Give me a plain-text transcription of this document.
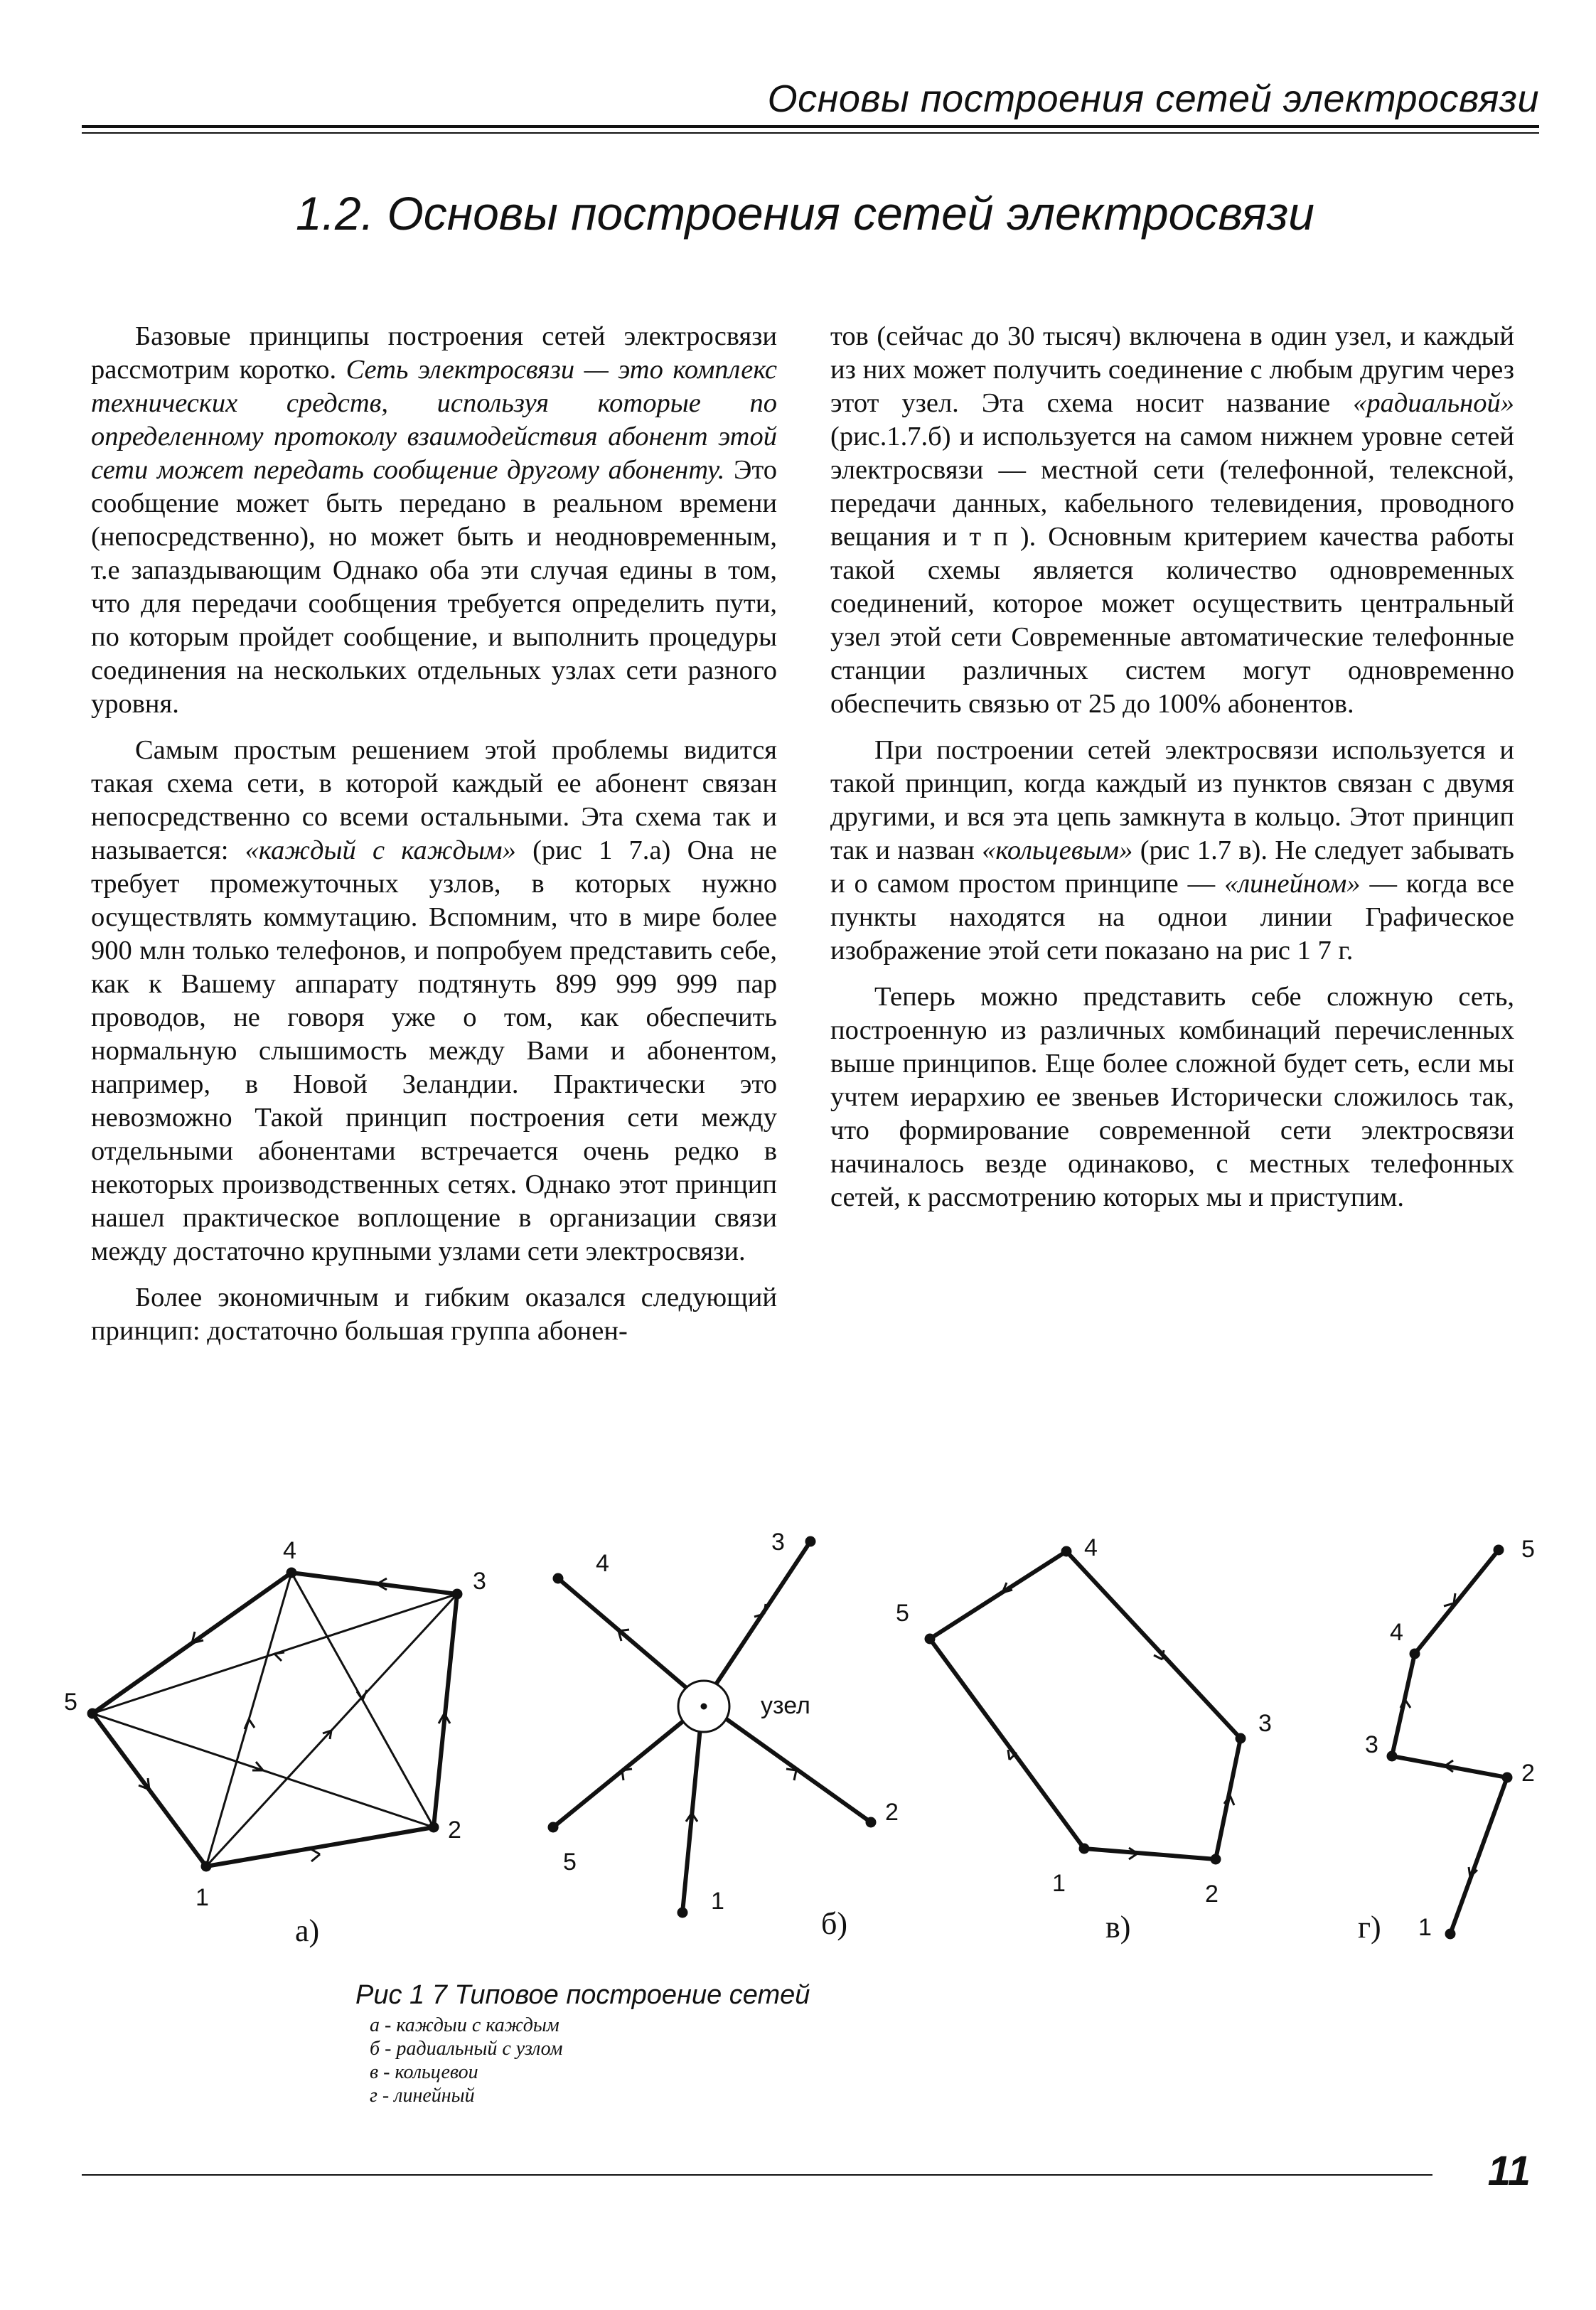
Основы построения сетей электросвязи
1.2. Основы построения сетей электросвязи

Базовые принципы построения сетей электросвязи рассмотрим коротко. Сеть электросвязи — это комплекс технических средств, используя которые по определенному протоколу взаимодействия абонент этой сети может передать сообщение другому абоненту. Это сообщение может быть передано в реальном времени (непосредственно), но может быть и неодновременным, т.е запаздывающим Однако оба эти случая едины в том, что для передачи сообщения требуется определить пути, по которым пройдет сообщение, и выполнить процедуры соединения на нескольких отдельных узлах сети разного уровня.

Самым простым решением этой проблемы видится такая схема сети, в которой каждый ее абонент связан непосредственно со всеми остальными. Эта схема так и называется: «каждый с каждым» (рис 1 7.а) Она не требует промежуточных узлов, в которых нужно осуществлять коммутацию. Вспомним, что в мире более 900 млн только телефонов, и попробуем представить себе, как к Вашему аппарату подтянуть 899 999 999 пар проводов, не говоря уже о том, как обеспечить нормальную слышимость между Вами и абонентом, например, в Новой Зеландии. Практически это невозможно Такой принцип построения сети между отдельными абонентами встречается очень редко в некоторых производственных сетях. Однако этот принцип нашел практическое воплощение в организации связи между достаточно крупными узлами сети электросвязи.

Более экономичным и гибким оказался следующий принцип: достаточно большая группа абонен-

тов (сейчас до 30 тысяч) включена в один узел, и каждый из них может получить соединение с любым другим через этот узел. Эта схема носит название «радиальной» (рис.1.7.б) и используется на самом нижнем уровне сетей электросвязи — местной сети (телефонной, телексной, передачи данных, кабельного телевидения, проводного вещания и т п ). Основным критерием качества работы такой схемы является количество одновременных соединений, которое может осуществить центральный узел этой сети Современные автоматические телефонные станции различных систем могут одновременно обеспечить связью от 25 до 100% абонентов.

При построении сетей электросвязи используется и такой принцип, когда каждый из пунктов связан с двумя другими, и вся эта цепь замкнута в кольцо. Этот принцип так и назван «кольцевым» (рис 1.7 в). Не следует забывать и о самом простом принципе — «линейном» — когда все пункты находятся на однои линии Графическое изображение этой сети показано на рис 1 7 г.

Теперь можно представить себе сложную сеть, построенную из различных комбинаций перечисленных выше принципов. Еще более сложной будет сеть, если мы учтем иерархию ее звеньев Исторически сложилось так, что формирование современной сети электросвязи начиналось везде одинаково, с местных телефонных сетей, к рассмотрению которых мы и приступим.

1
2
3
4
5
а)
1
2
3
4
5
узел
б)
1	2
3
4
5
в)	1
2
3
4
5
г)
Рис 1 7 Типовое построение сетей
а - каждыи с каждым
б - радиальный с узлом
в - кольцевои
г - линейный
11
